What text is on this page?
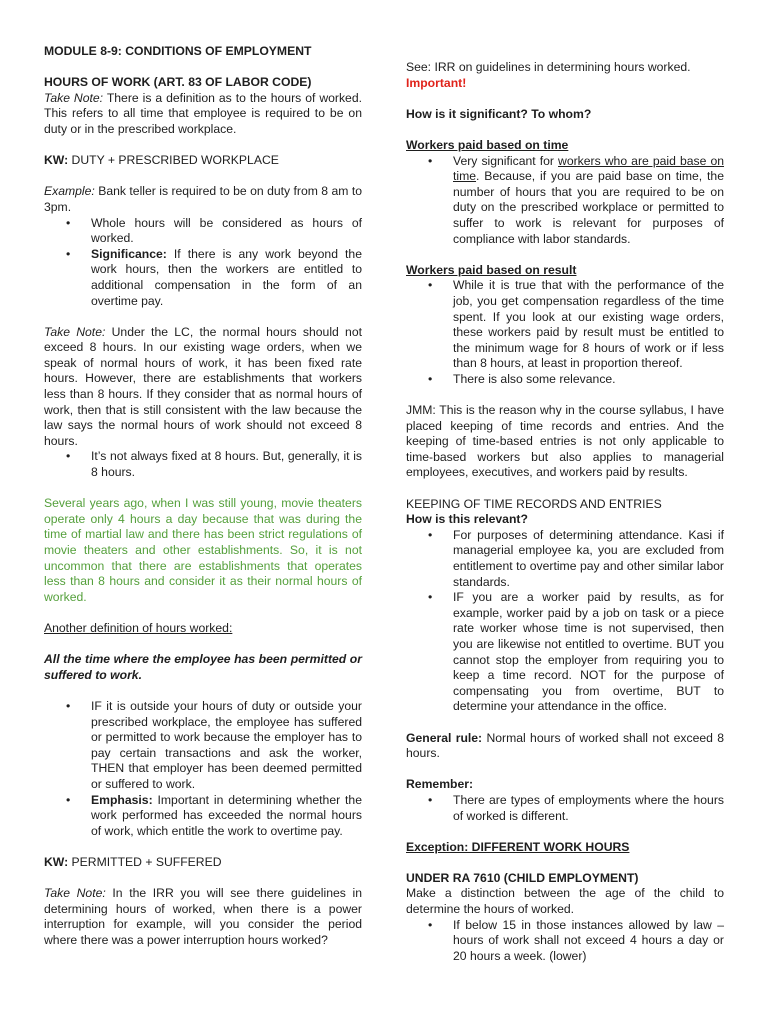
MODULE 8-9: CONDITIONS OF EMPLOYMENT

HOURS OF WORK (ART. 83 OF LABOR CODE)

Take Note: There is a definition as to the hours of worked. This refers to all time that employee is required to be on duty or in the prescribed workplace.

KW: DUTY + PRESCRIBED WORKPLACE

Example: Bank teller is required to be on duty from 8 am to 3pm.

• Whole hours will be considered as hours of worked.
• Significance: If there is any work beyond the work hours, then the workers are entitled to additional compensation in the form of an overtime pay.

Take Note: Under the LC, the normal hours should not exceed 8 hours. In our existing wage orders, when we speak of normal hours of work, it has been fixed rate hours. However, there are establishments that workers less than 8 hours. If they consider that as normal hours of work, then that is still consistent with the law because the law says the normal hours of work should not exceed 8 hours.

• It’s not always fixed at 8 hours. But, generally, it is 8 hours.

Several years ago, when I was still young, movie theaters operate only 4 hours a day because that was during the time of martial law and there has been strict regulations of movie theaters and other establishments. So, it is not uncommon that there are establishments that operates less than 8 hours and consider it as their normal hours of worked.

Another definition of hours worked:

All the time where the employee has been permitted or suffered to work.

• IF it is outside your hours of duty or outside your prescribed workplace, the employee has suffered or permitted to work because the employer has to pay certain transactions and ask the worker, THEN that employer has been deemed permitted or suffered to work.
• Emphasis: Important in determining whether the work performed has exceeded the normal hours of work, which entitle the work to overtime pay.

KW: PERMITTED + SUFFERED

Take Note: In the IRR you will see there guidelines in determining hours of worked, when there is a power interruption for example, will you consider the period where there was a power interruption hours worked?

See: IRR on guidelines in determining hours worked.

Important!

How is it significant? To whom?

Workers paid based on time

• Very significant for workers who are paid base on time. Because, if you are paid base on time, the number of hours that you are required to be on duty on the prescribed workplace or permitted to suffer to work is relevant for purposes of compliance with labor standards.

Workers paid based on result

• While it is true that with the performance of the job, you get compensation regardless of the time spent. If you look at our existing wage orders, these workers paid by result must be entitled to the minimum wage for 8 hours of work or if less than 8 hours, at least in proportion thereof.
• There is also some relevance.

JMM: This is the reason why in the course syllabus, I have placed keeping of time records and entries. And the keeping of time-based entries is not only applicable to time-based workers but also applies to managerial employees, executives, and workers paid by results.

KEEPING OF TIME RECORDS AND ENTRIES

How is this relevant?

• For purposes of determining attendance. Kasi if managerial employee ka, you are excluded from entitlement to overtime pay and other similar labor standards.
• IF you are a worker paid by results, as for example, worker paid by a job on task or a piece rate worker whose time is not supervised, then you are likewise not entitled to overtime. BUT you cannot stop the employer from requiring you to keep a time record. NOT for the purpose of compensating you from overtime, BUT to determine your attendance in the office.

General rule: Normal hours of worked shall not exceed 8 hours.

Remember:

• There are types of employments where the hours of worked is different.

Exception: DIFFERENT WORK HOURS

UNDER RA 7610 (CHILD EMPLOYMENT)

Make a distinction between the age of the child to determine the hours of worked.

• If below 15 in those instances allowed by law – hours of work shall not exceed 4 hours a day or 20 hours a week. (lower)
